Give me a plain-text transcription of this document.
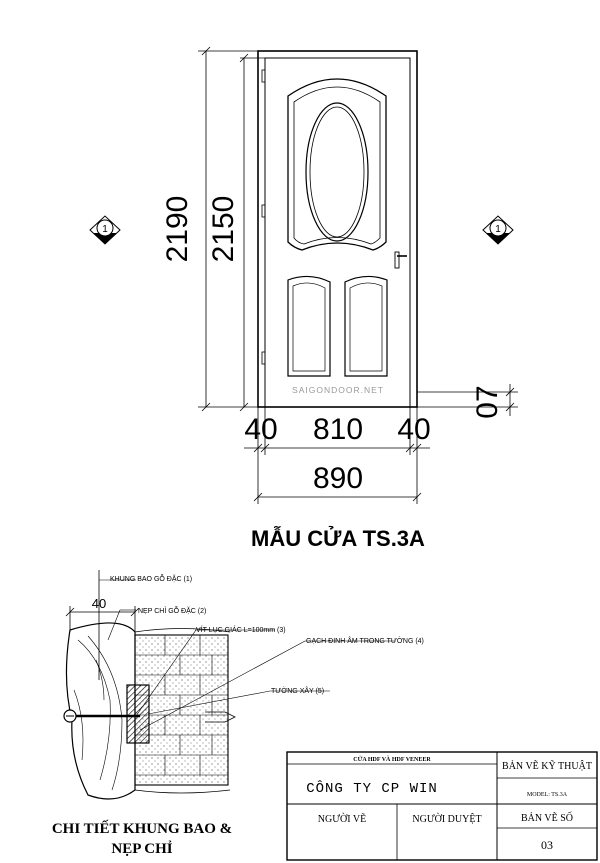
SAIGONDOOR.NET
2190 2150
40 810 40
890
07
1	1
MẪU CỬA TS.3A
40
KHUNG BAO GỖ ĐẶC (1)
NẸP CHỈ GỖ ĐẶC (2)
VÍT LỤC GIÁC L=100mm (3)
GẠCH ĐINH ÂM TRONG TƯỜNG (4)
TƯỜNG XÂY (5)
CHI TIẾT KHUNG BAO &
NẸP CHỈ
CỬA HDF VÀ HDF VENEER
CÔNG TY CP WIN
BẢN VẼ KỸ THUẬT
MODEL: TS.3A
NGƯỜI VẼ	NGƯỜI DUYỆT	BẢN VẼ SỐ
03
